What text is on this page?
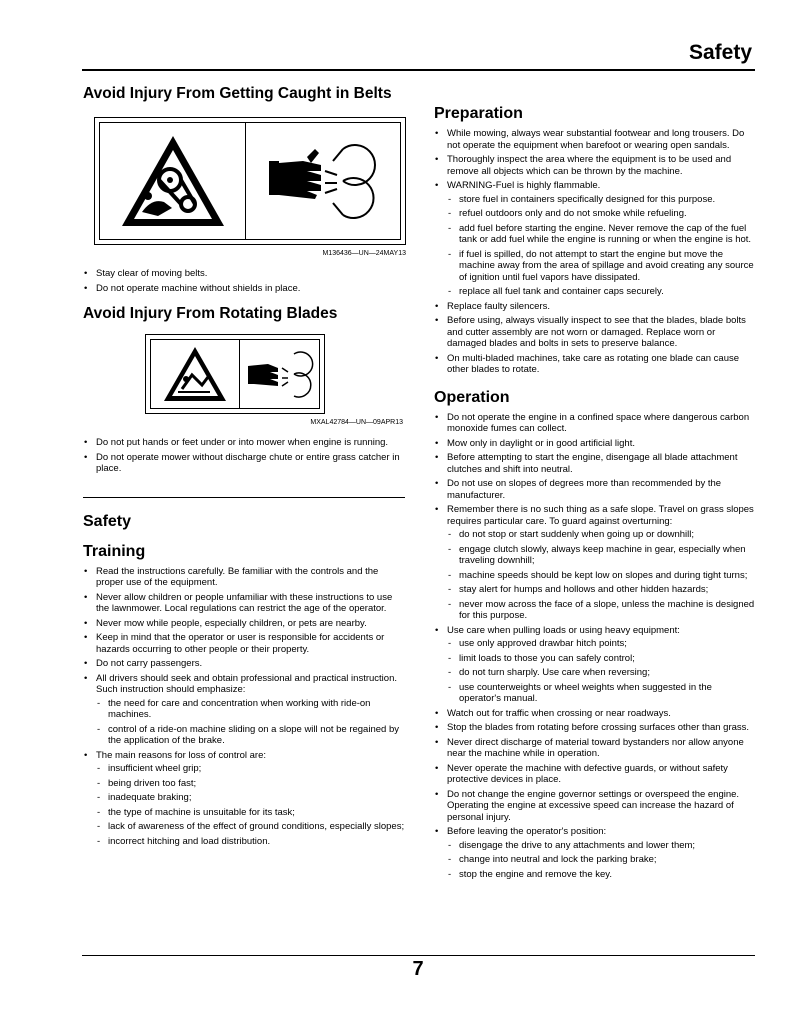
Safety
Avoid Injury From Getting Caught in Belts
M136436—UN—24MAY13
• Stay clear of moving belts.
• Do not operate machine without shields in place.
Avoid Injury From Rotating Blades
MXAL42784—UN—09APR13
• Do not put hands or feet under or into mower when engine is running.
• Do not operate mower without discharge chute or entire grass catcher in place.
Safety
Training
• Read the instructions carefully. Be familiar with the controls and the proper use of the equipment.
• Never allow children or people unfamiliar with these instructions to use the lawnmower. Local regulations can restrict the age of the operator.
• Never mow while people, especially children, or pets are nearby.
• Keep in mind that the operator or user is responsible for accidents or hazards occurring to other people or their property.
• Do not carry passengers.
• All drivers should seek and obtain professional and practical instruction. Such instruction should emphasize:
- the need for care and concentration when working with ride-on machines.
- control of a ride-on machine sliding on a slope will not be regained by the application of the brake.
• The main reasons for loss of control are:
- insufficient wheel grip;
- being driven too fast;
- inadequate braking;
- the type of machine is unsuitable for its task;
- lack of awareness of the effect of ground conditions, especially slopes;
- incorrect hitching and load distribution.
Preparation
• While mowing, always wear substantial footwear and long trousers. Do not operate the equipment when barefoot or wearing open sandals.
• Thoroughly inspect the area where the equipment is to be used and remove all objects which can be thrown by the machine.
• WARNING-Fuel is highly flammable.
- store fuel in containers specifically designed for this purpose.
- refuel outdoors only and do not smoke while refueling.
- add fuel before starting the engine. Never remove the cap of the fuel tank or add fuel while the engine is running or when the engine is hot.
- if fuel is spilled, do not attempt to start the engine but move the machine away from the area of spillage and avoid creating any source of ignition until fuel vapors have dissipated.
- replace all fuel tank and container caps securely.
• Replace faulty silencers.
• Before using, always visually inspect to see that the blades, blade bolts and cutter assembly are not worn or damaged. Replace worn or damaged blades and bolts in sets to preserve balance.
• On multi-bladed machines, take care as rotating one blade can cause other blades to rotate.
Operation
• Do not operate the engine in a confined space where dangerous carbon monoxide fumes can collect.
• Mow only in daylight or in good artificial light.
• Before attempting to start the engine, disengage all blade attachment clutches and shift into neutral.
• Do not use on slopes of degrees more than recommended by the manufacturer.
• Remember there is no such thing as a safe slope. Travel on grass slopes requires particular care. To guard against overturning:
- do not stop or start suddenly when going up or downhill;
- engage clutch slowly, always keep machine in gear, especially when traveling downhill;
- machine speeds should be kept low on slopes and during tight turns;
- stay alert for humps and hollows and other hidden hazards;
- never mow across the face of a slope, unless the machine is designed for this purpose.
• Use care when pulling loads or using heavy equipment:
- use only approved drawbar hitch points;
- limit loads to those you can safely control;
- do not turn sharply. Use care when reversing;
- use counterweights or wheel weights when suggested in the operator's manual.
• Watch out for traffic when crossing or near roadways.
• Stop the blades from rotating before crossing surfaces other than grass.
• Never direct discharge of material toward bystanders nor allow anyone near the machine while in operation.
• Never operate the machine with defective guards, or without safety protective devices in place.
• Do not change the engine governor settings or overspeed the engine. Operating the engine at excessive speed can increase the hazard of personal injury.
• Before leaving the operator's position:
- disengage the drive to any attachments and lower them;
- change into neutral and lock the parking brake;
- stop the engine and remove the key.
7
